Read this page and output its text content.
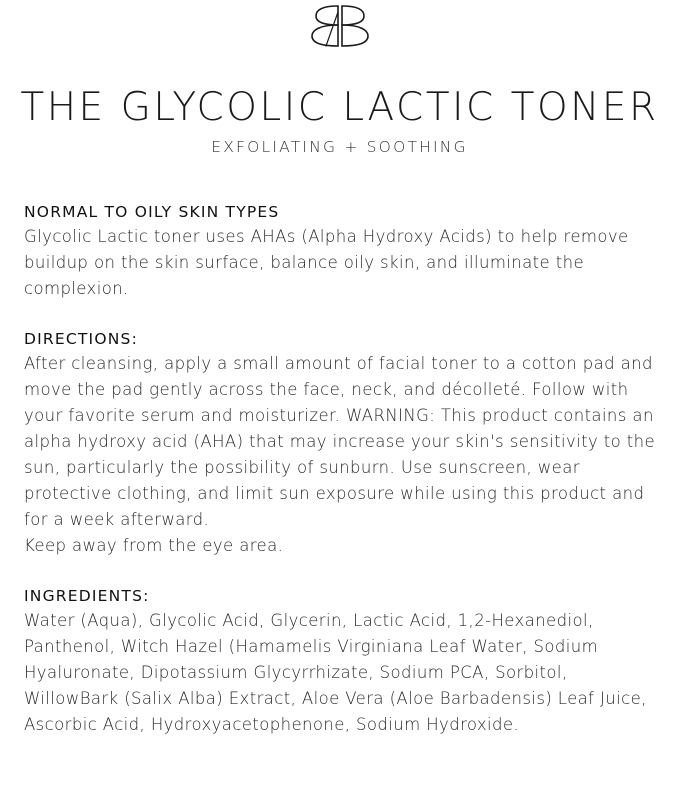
THE GLYCOLIC LACTIC TONER
EXFOLIATING + SOOTHING

NORMAL TO OILY SKIN TYPES

Glycolic Lactic toner uses AHAs (Alpha Hydroxy Acids) to help remove buildup on the skin surface, balance oily skin, and illuminate the complexion.

DIRECTIONS:

After cleansing, apply a small amount of facial toner to a cotton pad and move the pad gently across the face, neck, and décolleté. Follow with your favorite serum and moisturizer. WARNING: This product contains an alpha hydroxy acid (AHA) that may increase your skin's sensitivity to the sun, particularly the possibility of sunburn. Use sunscreen, wear protective clothing, and limit sun exposure while using this product and for a week afterward.

Keep away from the eye area.

INGREDIENTS:

Water (Aqua), Glycolic Acid, Glycerin, Lactic Acid, 1,2-Hexanediol, Panthenol, Witch Hazel (Hamamelis Virginiana Leaf Water, Sodium Hyaluronate, Dipotassium Glycyrrhizate, Sodium PCA, Sorbitol, WillowBark (Salix Alba) Extract, Aloe Vera (Aloe Barbadensis) Leaf Juice, Ascorbic Acid, Hydroxyacetophenone, Sodium Hydroxide.
